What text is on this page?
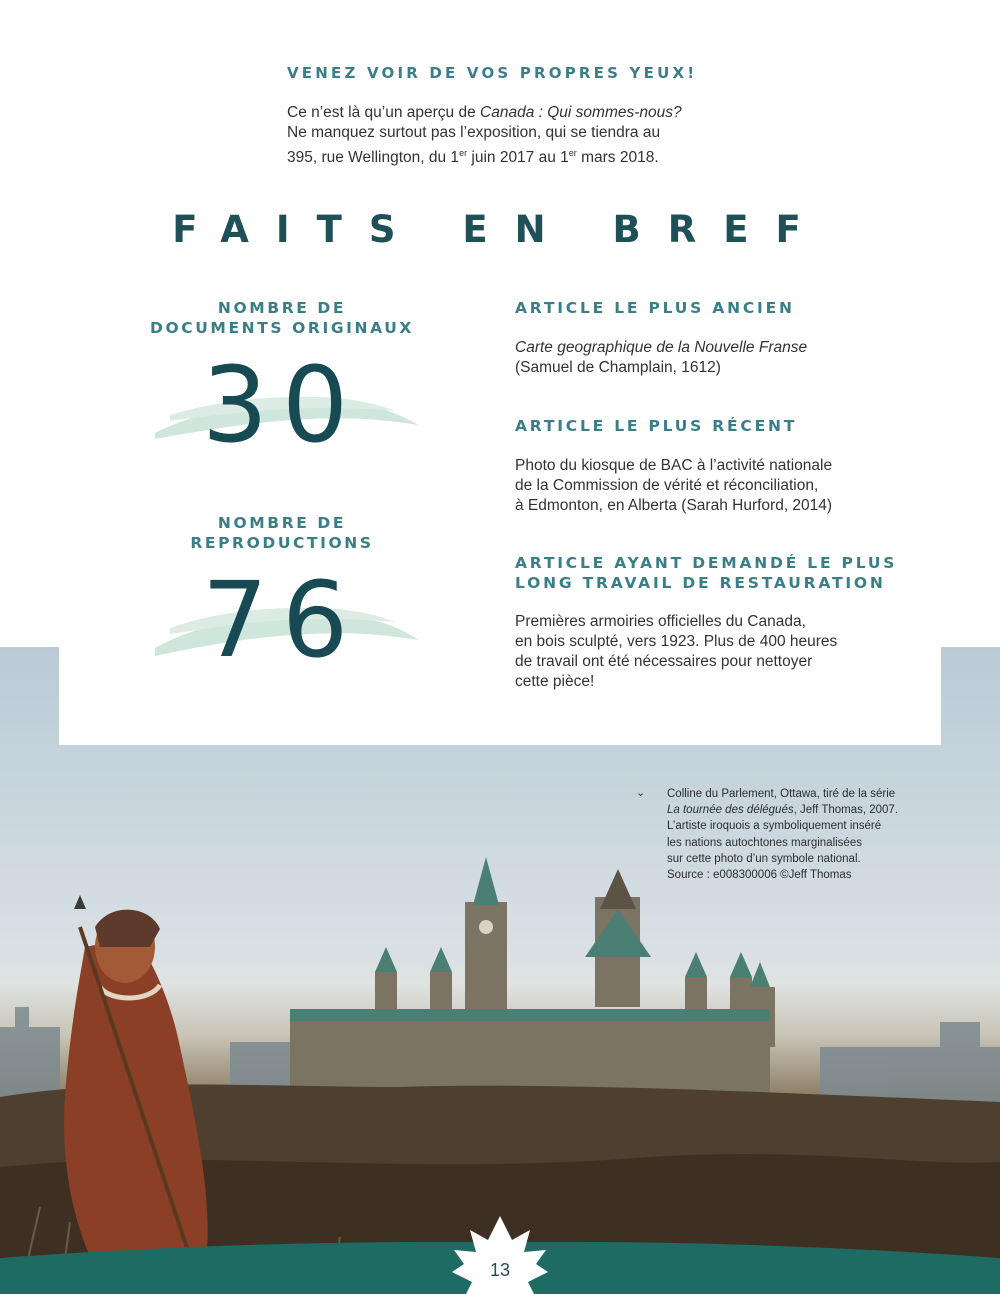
VENEZ VOIR DE VOS PROPRES YEUX!
Ce n’est là qu’un aperçu de Canada : Qui sommes-nous?
Ne manquez surtout pas l’exposition, qui se tiendra au
395, rue Wellington, du 1er juin 2017 au 1er mars 2018.
FAITS EN BREF
NOMBRE DE
DOCUMENTS ORIGINAUX
30
NOMBRE DE
REPRODUCTIONS
76
ARTICLE LE PLUS ANCIEN
Carte geographique de la Nouvelle Franse
(Samuel de Champlain, 1612)
ARTICLE LE PLUS RÉCENT
Photo du kiosque de BAC à l’activité nationale
de la Commission de vérité et réconciliation,
à Edmonton, en Alberta (Sarah Hurford, 2014)
ARTICLE AYANT DEMANDÉ LE PLUS
LONG TRAVAIL DE RESTAURATION
Premières armoiries officielles du Canada,
en bois sculpté, vers 1923. Plus de 400 heures
de travail ont été nécessaires pour nettoyer
cette pièce!
⌄ Colline du Parlement, Ottawa, tiré de la série
La tournée des délégués, Jeff Thomas, 2007.
L’artiste iroquois a symboliquement inséré
les nations autochtones marginalisées
sur cette photo d’un symbole national.
Source : e008300006 ©Jeff Thomas
13
